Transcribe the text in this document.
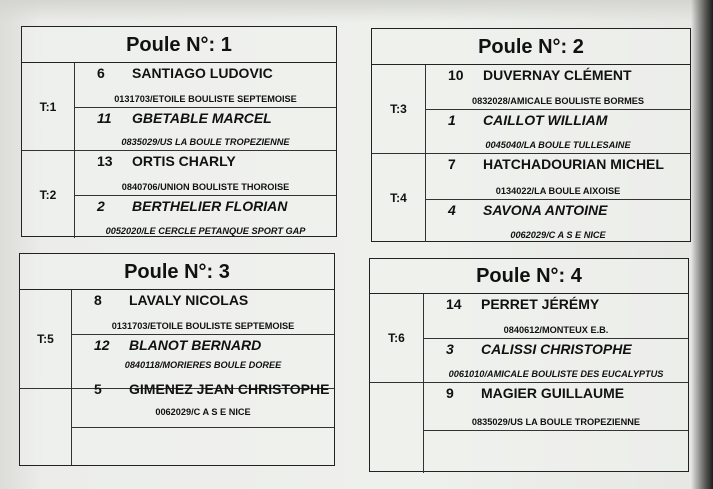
Poule N°: 1
T:1
6 SANTIAGO LUDOVIC
0131703/ETOILE BOULISTE SEPTEMOISE
11 GBETABLE MARCEL
0835029/US LA BOULE TROPEZIENNE
T:2
13 ORTIS CHARLY
0840706/UNION BOULISTE THOROISE
2 BERTHELIER FLORIAN
0052020/LE CERCLE PETANQUE SPORT GAP
Poule N°: 2
T:3
10 DUVERNAY CLÉMENT
0832028/AMICALE BOULISTE BORMES
1 CAILLOT WILLIAM
0045040/LA BOULE TULLESAINE
T:4
7 HATCHADOURIAN MICHEL
0134022/LA BOULE AIXOISE
4 SAVONA ANTOINE
0062029/C A S E NICE
Poule N°: 3
T:5
8 LAVALY NICOLAS
0131703/ETOILE BOULISTE SEPTEMOISE
12 BLANOT BERNARD
0840118/MORIERES BOULE DOREE
5 GIMENEZ JEAN CHRISTOPHE
0062029/C A S E NICE
Poule N°: 4
T:6
14 PERRET JÉRÉMY
0840612/MONTEUX E.B.
3 CALISSI CHRISTOPHE
0061010/AMICALE BOULISTE DES EUCALYPTUS
9 MAGIER GUILLAUME
0835029/US LA BOULE TROPEZIENNE
